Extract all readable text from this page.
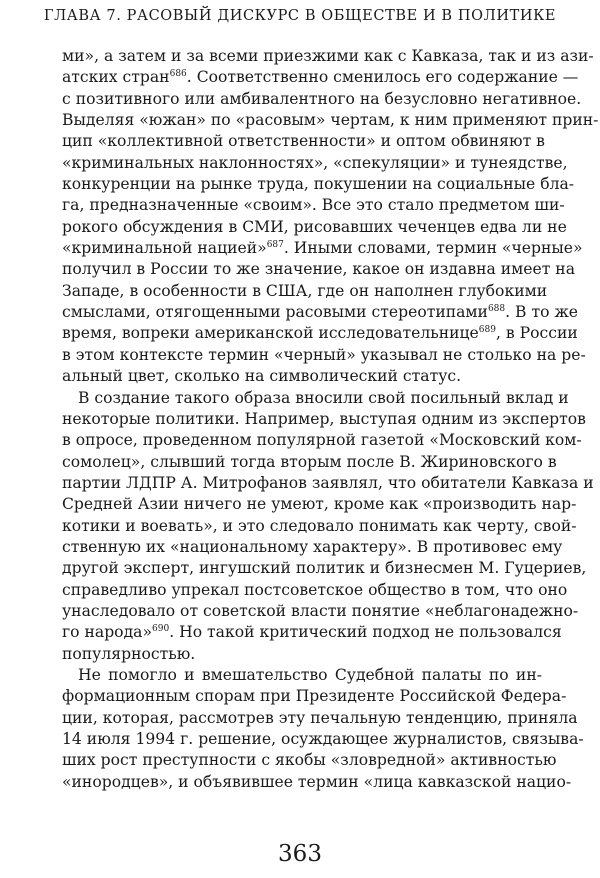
ГЛАВА 7. РАСОВЫЙ ДИСКУРС В ОБЩЕСТВЕ И В ПОЛИТИКЕ
ми», а затем и за всеми приезжими как с Кавказа, так и из ази-
атских стран$^{686}$. Соответственно сменилось его содержание —
с позитивного или амбивалентного на безусловно негативное.
Выделяя «южан» по «расовым» чертам, к ним применяют прин-
цип «коллективной ответственности» и оптом обвиняют в
«криминальных наклонностях», «спекуляции» и тунеядстве,
конкуренции на рынке труда, покушении на социальные бла-
га, предназначенные «своим». Все это стало предметом ши-
рокого обсуждения в СМИ, рисовавших чеченцев едва ли не
«криминальной нацией»$^{687}$. Иными словами, термин «черные»
получил в России то же значение, какое он издавна имеет на
Западе, в особенности в США, где он наполнен глубокими
смыслами, отягощенными расовыми стереотипами$^{688}$. В то же
время, вопреки американской исследовательнице$^{689}$, в России
в этом контексте термин «черный» указывал не столько на ре-
альный цвет, сколько на символический статус.
В создание такого образа вносили свой посильный вклад и
некоторые политики. Например, выступая одним из экспертов
в опросе, проведенном популярной газетой «Московский ком-
сомолец», слывший тогда вторым после В. Жириновского в
партии ЛДПР А. Митрофанов заявлял, что обитатели Кавказа и
Средней Азии ничего не умеют, кроме как «производить нар-
котики и воевать», и это следовало понимать как черту, свой-
ственную их «национальному характеру». В противовес ему
другой эксперт, ингушский политик и бизнесмен М. Гуцериев,
справедливо упрекал постсоветское общество в том, что оно
унаследовало от советской власти понятие «неблагонадежно-
го народа»$^{690}$. Но такой критический подход не пользовался
популярностью.
Не помогло и вмешательство Судебной палаты по ин-
формационным спорам при Президенте Российской Федера-
ции, которая, рассмотрев эту печальную тенденцию, приняла
14 июля 1994 г. решение, осуждающее журналистов, связыва-
ших рост преступности с якобы «зловредной» активностью
«инородцев», и объявившее термин «лица кавказской нацио-
363
